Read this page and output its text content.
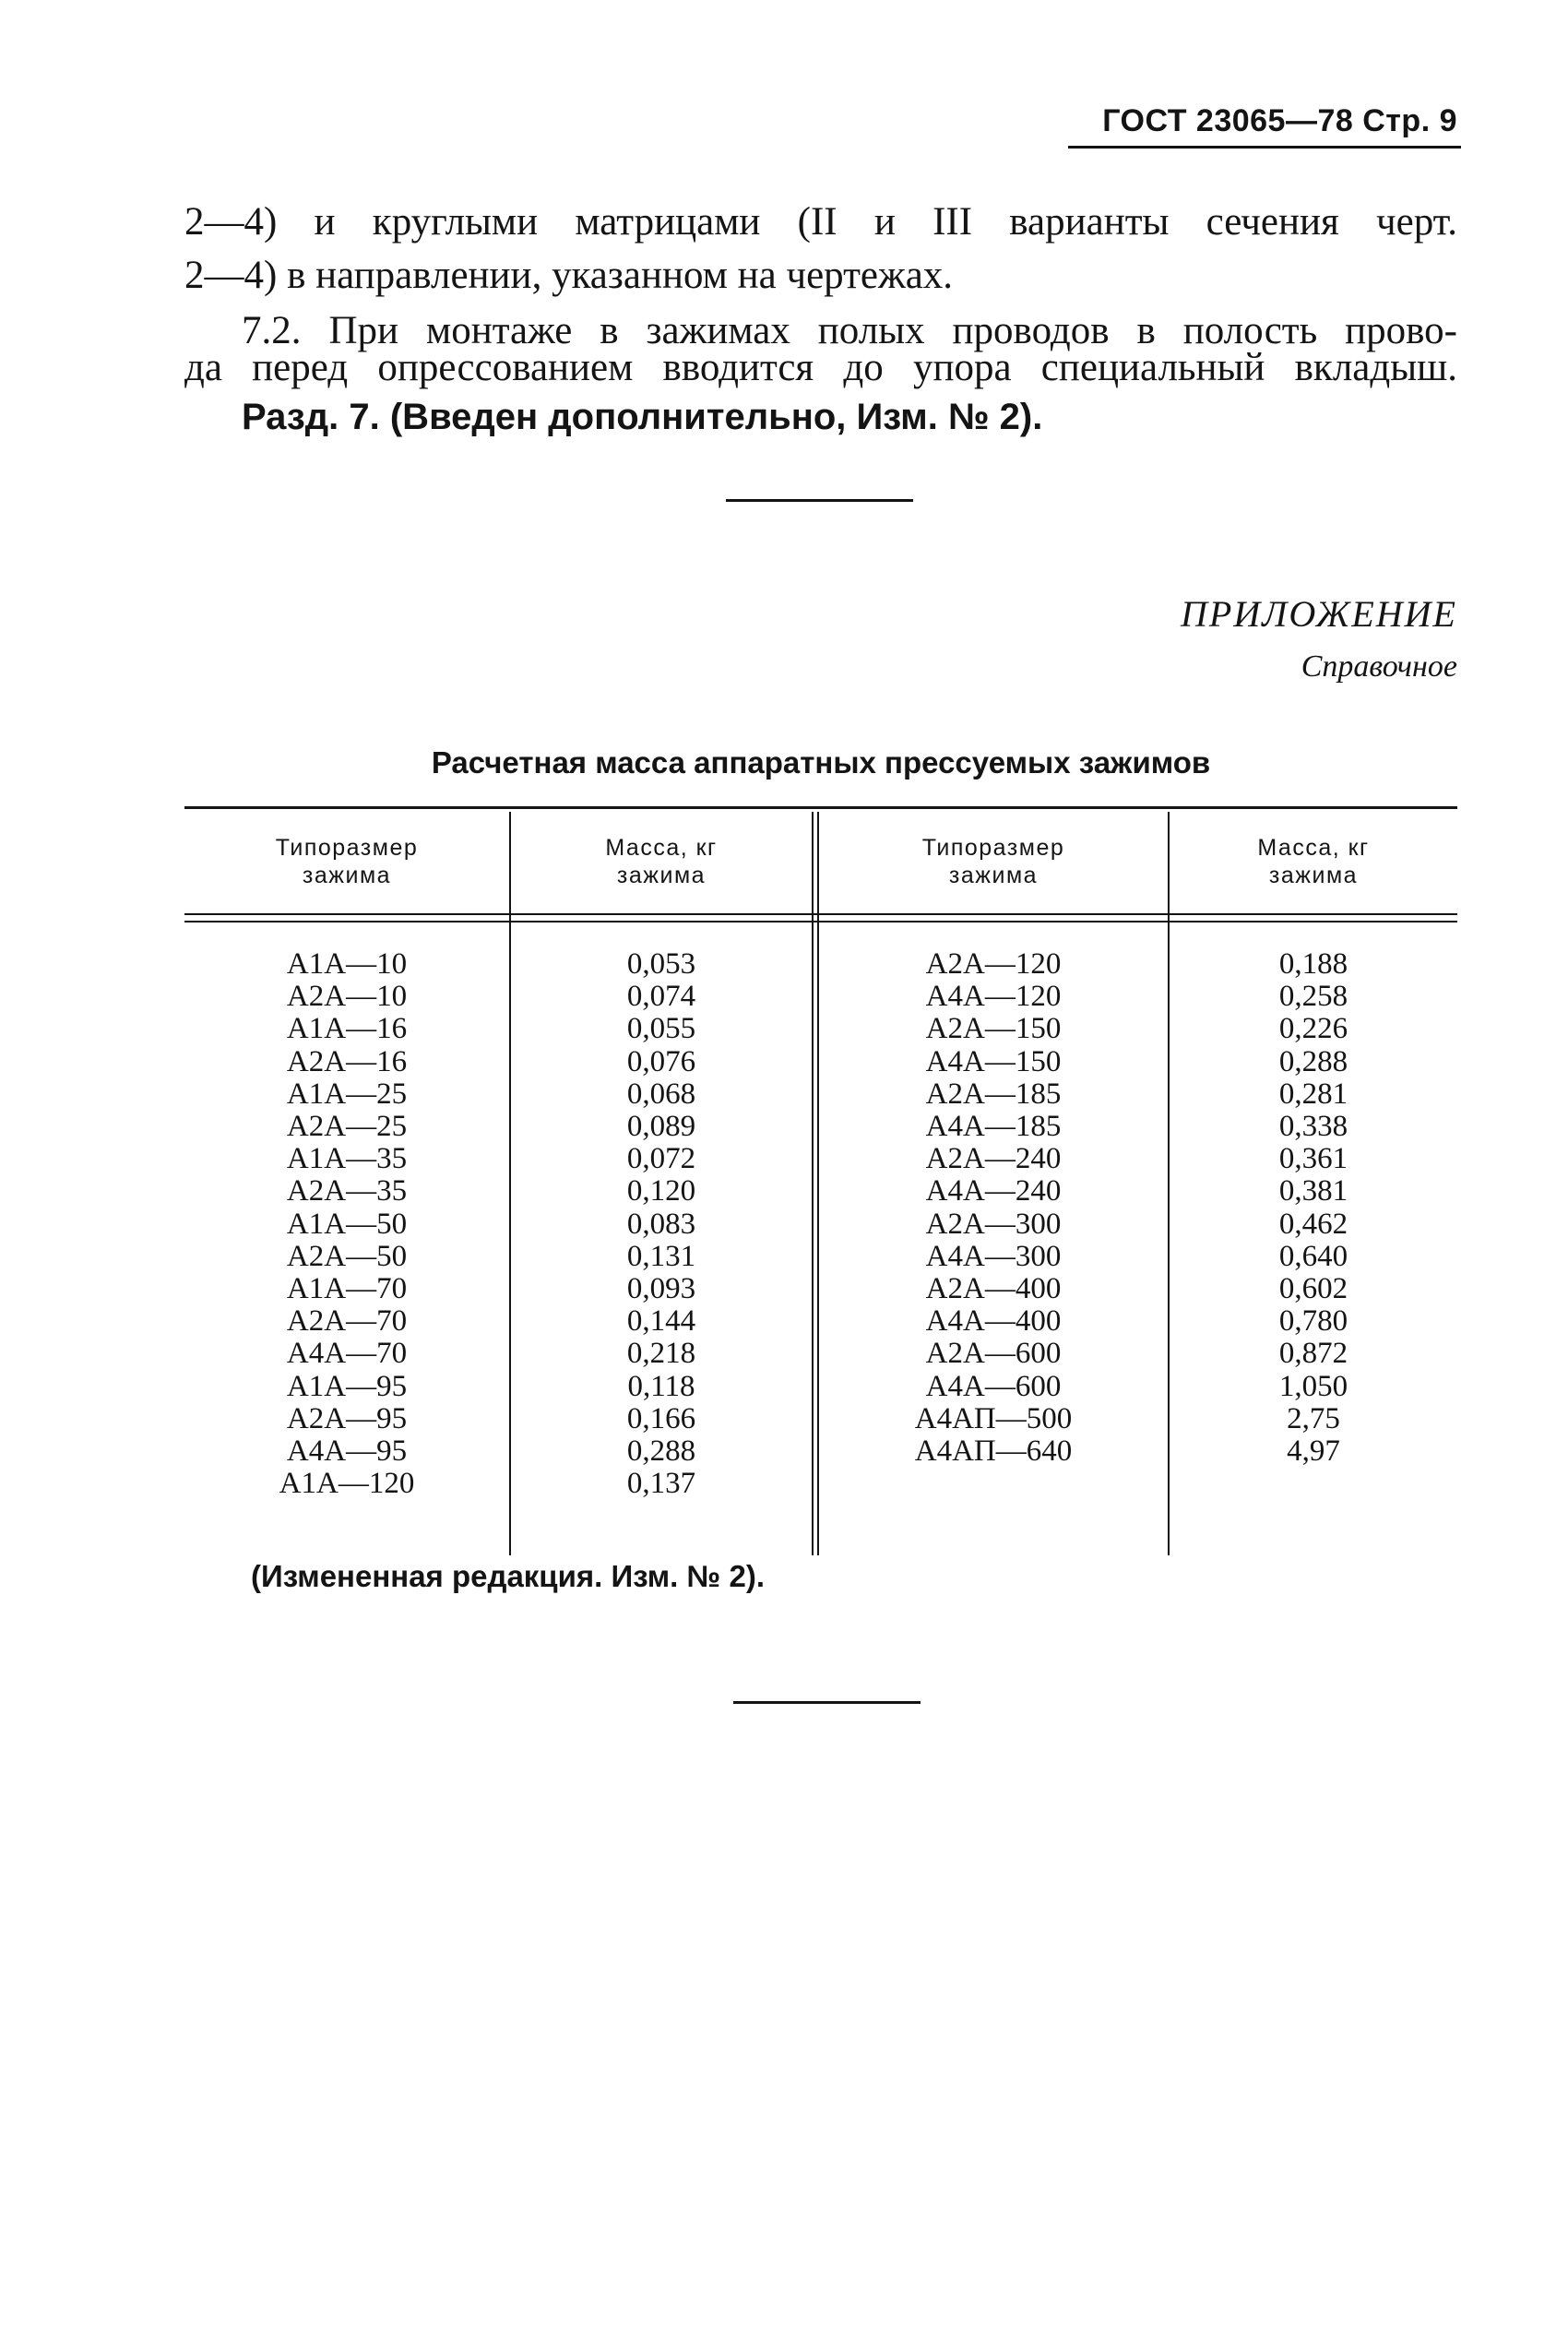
ГОСТ 23065—78 Стр. 9
2—4) и круглыми матрицами (II и III варианты сечения черт.
2—4) в направлении, указанном на чертежах.
7.2. При монтаже в зажимах полых проводов в полость прово-
да перед опрессованием вводится до упора специальный вкладыш.
Разд. 7. (Введен дополнительно, Изм. № 2).
ПРИЛОЖЕНИЕ
Справочное
Расчетная масса аппаратных прессуемых зажимов
Типоразмер
зажима
Масса, кг
зажима
Типоразмер
зажима
Масса, кг
зажима
А1А—10
А2А—10
А1А—16
А2А—16
А1А—25
А2А—25
А1А—35
А2А—35
А1А—50
А2А—50
А1А—70
А2А—70
А4А—70
А1А—95
А2А—95
А4А—95
А1А—120
0,053
0,074
0,055
0,076
0,068
0,089
0,072
0,120
0,083
0,131
0,093
0,144
0,218
0,118
0,166
0,288
0,137
А2А—120
А4А—120
А2А—150
А4А—150
А2А—185
А4А—185
А2А—240
А4А—240
А2А—300
А4А—300
А2А—400
А4А—400
А2А—600
А4А—600
А4АП—500
А4АП—640
0,188
0,258
0,226
0,288
0,281
0,338
0,361
0,381
0,462
0,640
0,602
0,780
0,872
1,050
2,75
4,97
(Измененная редакция. Изм. № 2).
